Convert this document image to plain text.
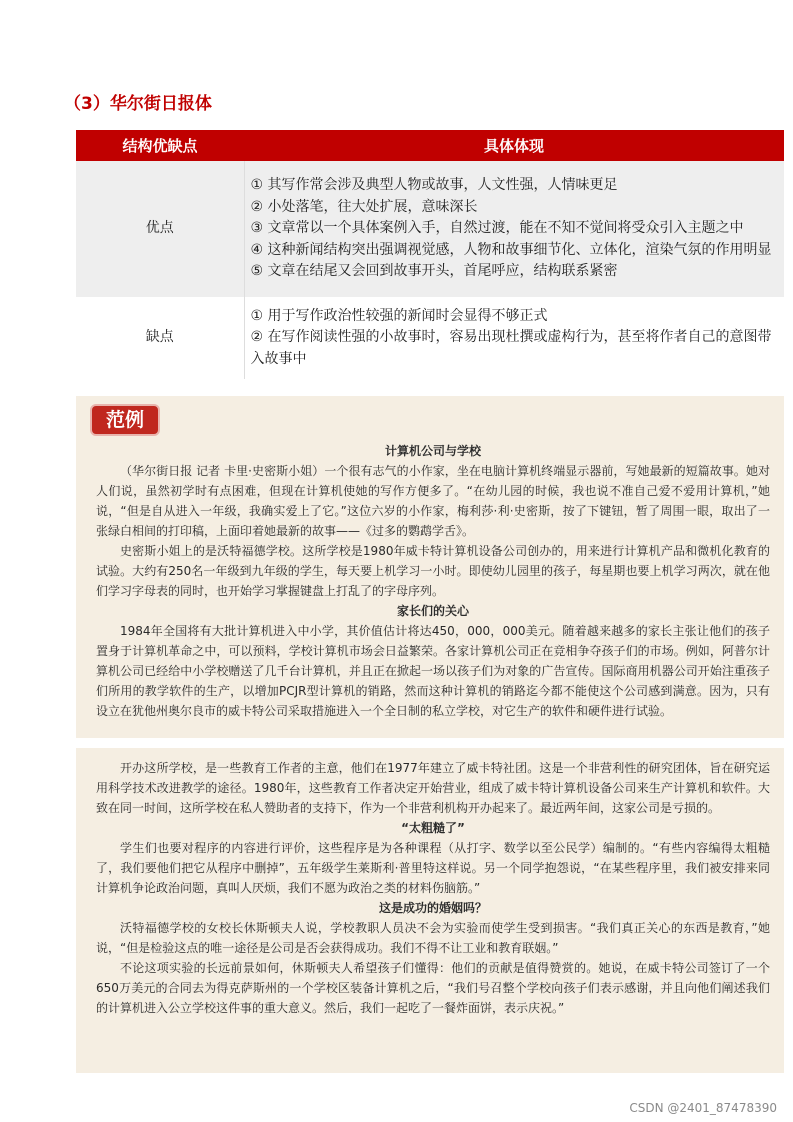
（3）华尔街日报体
结构优缺点	具体体现
优点	① 其写作常会涉及典型人物或故事，人文性强，人情味更足
② 小处落笔，往大处扩展，意味深长
③ 文章常以一个具体案例入手，自然过渡，能在不知不觉间将受众引入主题之中
④ 这种新闻结构突出强调视觉感，人物和故事细节化、立体化，渲染气氛的作用明显
⑤ 文章在结尾又会回到故事开头，首尾呼应，结构联系紧密

缺点	① 用于写作政治性较强的新闻时会显得不够正式
② 在写作阅读性强的小故事时，容易出现杜撰或虚构行为，甚至将作者自己的意图带入故事中
范例
计算机公司与学校

（华尔街日报 记者 卡里·史密斯小姐）一个很有志气的小作家，坐在电脑计算机终端显示器前，写她最新的短篇故事。她对人们说，虽然初学时有点困难，但现在计算机使她的写作方便多了。“在幼儿园的时候，我也说不准自己爱不爱用计算机，”她说，“但是自从进入一年级，我确实爱上了它。”这位六岁的小作家，梅利莎·利·史密斯，按了下键钮，暂了周围一眼，取出了一张绿白相间的打印稿，上面印着她最新的故事——《过多的鹦鹉学舌》。

史密斯小姐上的是沃特福德学校。这所学校是1980年威卡特计算机设备公司创办的，用来进行计算机产品和微机化教育的试验。大约有250名一年级到九年级的学生，每天要上机学习一小时。即使幼儿园里的孩子，每星期也要上机学习两次，就在他们学习字母表的同时，也开始学习掌握键盘上打乱了的字母序列。

家长们的关心

1984年全国将有大批计算机进入中小学，其价值估计将达450，000，000美元。随着越来越多的家长主张让他们的孩子置身于计算机革命之中，可以预料，学校计算机市场会日益繁荣。各家计算机公司正在竞相争夺孩子们的市场。例如，阿普尔计算机公司已经给中小学校赠送了几千台计算机，并且正在掀起一场以孩子们为对象的广告宣传。国际商用机器公司开始注重孩子们所用的教学软件的生产，以增加PCJR型计算机的销路，然而这种计算机的销路迄今都不能使这个公司感到满意。因为，只有设立在犹他州奥尔良市的威卡特公司采取措施进入一个全日制的私立学校，对它生产的软件和硬件进行试验。

开办这所学校，是一些教育工作者的主意，他们在1977年建立了威卡特社团。这是一个非营利性的研究团体，旨在研究运用科学技术改进教学的途径。1980年，这些教育工作者决定开始营业，组成了威卡特计算机设备公司来生产计算机和软件。大致在同一时间，这所学校在私人赞助者的支持下，作为一个非营利机构开办起来了。最近两年间，这家公司是亏损的。

“太粗糙了”

学生们也要对程序的内容进行评价，这些程序是为各种课程（从打字、数学以至公民学）编制的。“有些内容编得太粗糙了，我们要他们把它从程序中删掉”，五年级学生莱斯利·普里特这样说。另一个同学抱怨说，“在某些程序里，我们被安排来同计算机争论政治问题，真叫人厌烦，我们不愿为政治之类的材料伤脑筋。”

这是成功的婚姻吗？

沃特福德学校的女校长休斯顿夫人说，学校教职人员决不会为实验而使学生受到损害。“我们真正关心的东西是教育，”她说，“但是检验这点的唯一途径是公司是否会获得成功。我们不得不让工业和教育联姻。”

不论这项实验的长远前景如何，休斯顿夫人希望孩子们懂得：他们的贡献是值得赞赏的。她说，在威卡特公司签订了一个650万美元的合同去为得克萨斯州的一个学校区装备计算机之后，“我们号召整个学校向孩子们表示感谢，并且向他们阐述我们的计算机进入公立学校这件事的重大意义。然后，我们一起吃了一餐炸面饼，表示庆祝。”

CSDN @2401_87478390
